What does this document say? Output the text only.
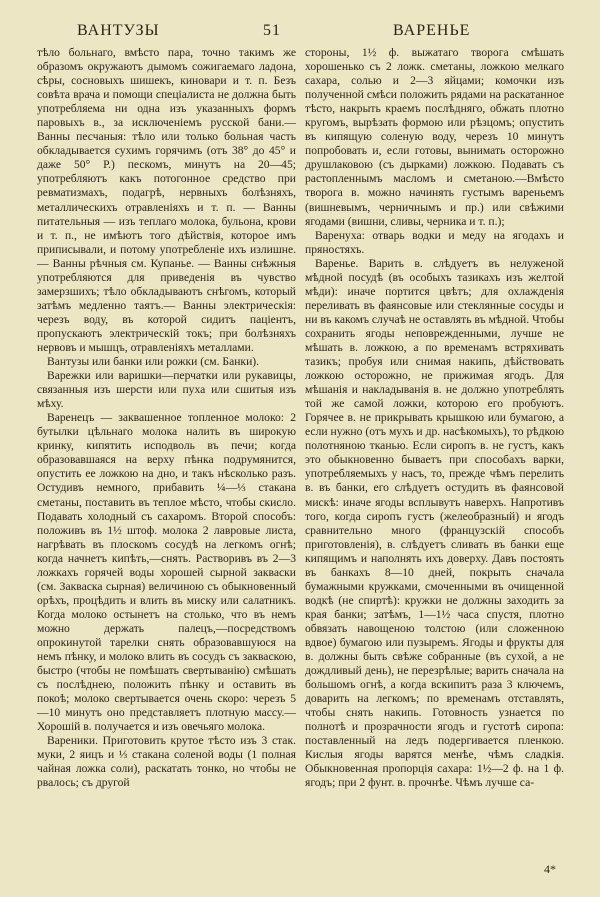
ВАНТУЗЫ	51	ВАРЕНЬЕ

тѣло больнаго, вмѣсто пара, точно такимъ же образомъ окружаютъ дымомъ сожигаемаго ладона, сѣры, сосновыхъ шишекъ, киновари и т. п. Безъ совѣта врача и помощи спеціалиста не должна быть употребляема ни одна изъ указанныхъ формъ паровыхъ в., за исключеніемъ русской бани.— Ванны песчаныя: тѣло или только больная часть обкладывается сухимъ горячимъ (отъ 38° до 45° и даже 50° Р.) пескомъ, минутъ на 20—45; употребляютъ какъ потогонное средство при ревматизмахъ, подагрѣ, нервныхъ болѣзняхъ, металлическихъ отравленіяхъ и т. п. — Ванны питательныя — изъ теплаго молока, бульона, крови и т. п., не имѣютъ того дѣйствія, которое имъ приписывали, и потому употребленіе ихъ излишне. — Ванны рѣчныя см. Купанье. — Ванны снѣжныя употребляются для приведенія въ чувство замерзшихъ; тѣло обкладываютъ снѣгомъ, который затѣмъ медленно таятъ.— Ванны электрическія: черезъ воду, въ которой сидитъ паціентъ, пропускаютъ электрическій токъ; при болѣзняхъ нервовъ и мышцъ, отравленіяхъ металлами.

Вантузы или банки или рожки (см. Банки).

Варежки или варишки—перчатки или рукавицы, связанныя изъ шерсти или пуха или сшитыя изъ мѣху.

Варенецъ — заквашенное топленное молоко: 2 бутылки цѣльнаго молока налить въ широкую кринку, кипятить исподволь въ печи; когда образовавшаяся на верху пѣнка подрумянится, опустить ее ложкою на дно, и такъ нѣсколько разъ. Остудивъ немного, прибавить ¼—⅓ стакана сметаны, поставить въ теплое мѣсто, чтобы скисло. Подавать холодный съ сахаромъ. Второй способъ: положивъ въ 1½ штоф. молока 2 лавровые листа, нагрѣвать въ плоскомъ сосудѣ на легкомъ огнѣ; когда начнетъ кипѣть,—снять. Растворивъ въ 2—3 ложкахъ горячей воды хорошей сырной закваски (см. Закваска сырная) величиною съ обыкновенный орѣхъ, процѣдить и влить въ миску или салатникъ. Когда молоко остынетъ на столько, что въ немъ можно держать палецъ,—посредствомъ опрокинутой тарелки снять образовавшуюся на немъ пѣнку, и молоко влить въ сосудъ съ закваскою, быстро (чтобы не помѣшать свертыванію) смѣшать съ послѣднею, положить пѣнку и оставить въ покоѣ; молоко свертывается очень скоро: черезъ 5—10 минутъ оно представляетъ плотную массу.—Хорошій в. получается и изъ овечьяго молока.

Вареники. Приготовить крутое тѣсто изъ 3 стак. муки, 2 яицъ и ⅓ стакана соленой воды (1 полная чайная ложка соли), раскатать тонко, но чтобы не рвалось; съ другой

стороны, 1½ ф. выжатаго творога смѣшать хорошенько съ 2 ложк. сметаны, ложкою мелкаго сахара, солью и 2—3 яйцами; комочки изъ полученной смѣси положить рядами на раскатанное тѣсто, накрыть краемъ послѣдняго, обжать плотно кругомъ, вырѣзать формою или рѣзцомъ; опустить въ кипящую соленую воду, черезъ 10 минутъ попробовать и, если готовы, вынимать осторожно друшлаковою (съ дырками) ложкою. Подавать съ растопленнымъ масломъ и сметаною.—Вмѣсто творога в. можно начинять густымъ вареньемъ (вишневымъ, черничнымъ и пр.) или свѣжими ягодами (вишни, сливы, черника и т. п.);

Варенуха: отварь водки и меду на ягодахъ и пряностяхъ.

Варенье. Варить в. слѣдуетъ въ нелуженой мѣдной посудѣ (въ особыхъ тазикахъ изъ желтой мѣди): иначе портится цвѣтъ; для охлажденія переливать въ фаянсовые или стеклянные сосуды и ни въ какомъ случаѣ не оставлять въ мѣдной. Чтобы сохранить ягоды неповрежденными, лучше не мѣшать в. ложкою, а по временамъ встряхивать тазикъ; пробуя или снимая накипь, дѣйствовать ложкою осторожно, не прижимая ягодъ. Для мѣшанія и накладыванія в. не должно употреблять той же самой ложки, которою его пробуютъ. Горячее в. не прикрывать крышкою или бумагою, а если нужно (отъ мухъ и др. насѣкомыхъ), то рѣдкою полотняною тканью. Если сиропъ в. не густъ, какъ это обыкновенно бываетъ при способахъ варки, употребляемыхъ у насъ, то, прежде чѣмъ перелить в. въ банки, его слѣдуетъ остудить въ фаянсовой мискѣ: иначе ягоды всплывутъ наверхъ. Напротивъ того, когда сиропъ густъ (желеобразный) и ягодъ сравнительно много (французскій способъ приготовленія), в. слѣдуетъ сливать въ банки еще кипящимъ и наполнять ихъ доверху. Давъ постоять въ банкахъ 8—10 дней, покрыть сначала бумажными кружками, смоченными въ очищенной водкѣ (не спиртѣ): кружки не должны заходить за края банки; затѣмъ, 1—1½ часа спустя, плотно обвязать навощеною толстою (или сложенною вдвое) бумагою или пузыремъ. Ягоды и фрукты для в. должны быть свѣже собранные (въ сухой, а не дождливый день), не перезрѣлые; варить сначала на большомъ огнѣ, а когда вскипитъ раза 3 ключемъ, доварить на легкомъ; по временамъ отставлять, чтобы снять накипь. Готовность узнается по полнотѣ и прозрачности ягодъ и густотѣ сиропа: поставленный на ледъ подергивается пленкою. Кислыя ягоды варятся менѣе, чѣмъ сладкія. Обыкновенная пропорція сахара: 1½—2 ф. на 1 ф. ягодъ; при 2 фунт. в. прочнѣе. Чѣмъ лучше са-

4*
